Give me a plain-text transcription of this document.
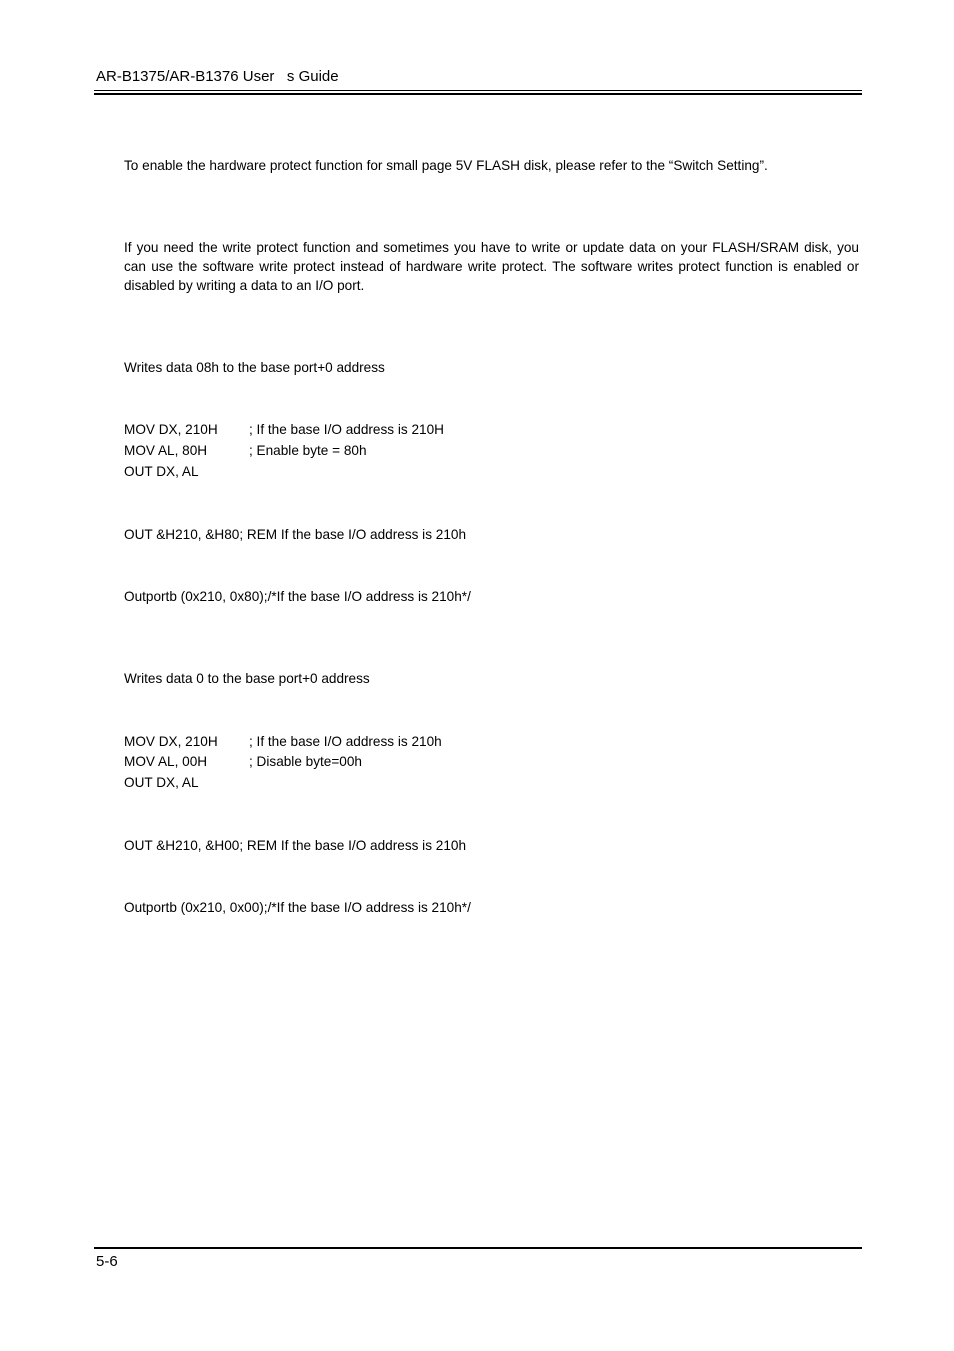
AR-B1375/AR-B1376 User   s Guide
To enable the hardware protect function for small page 5V FLASH disk, please refer to the “Switch Setting”.
If you need the write protect function and sometimes you have to write or update data on your FLASH/SRAM disk, you can use the software write protect instead of hardware write protect. The software writes protect function is enabled or disabled by writing a data to an I/O port.
Writes data 08h to the base port+0 address
MOV DX, 210H ; If the base I/O address is 210H
MOV AL, 80H	; Enable byte = 80h
OUT DX, AL
OUT &H210, &H80; REM If the base I/O address is 210h
Outportb (0x210, 0x80);/*If the base I/O address is 210h*/
Writes data 0 to the base port+0 address
MOV DX, 210H ; If the base I/O address is 210h
MOV AL, 00H	; Disable byte=00h
OUT DX, AL
OUT &H210, &H00; REM If the base I/O address is 210h
Outportb (0x210, 0x00);/*If the base I/O address is 210h*/
5-6
